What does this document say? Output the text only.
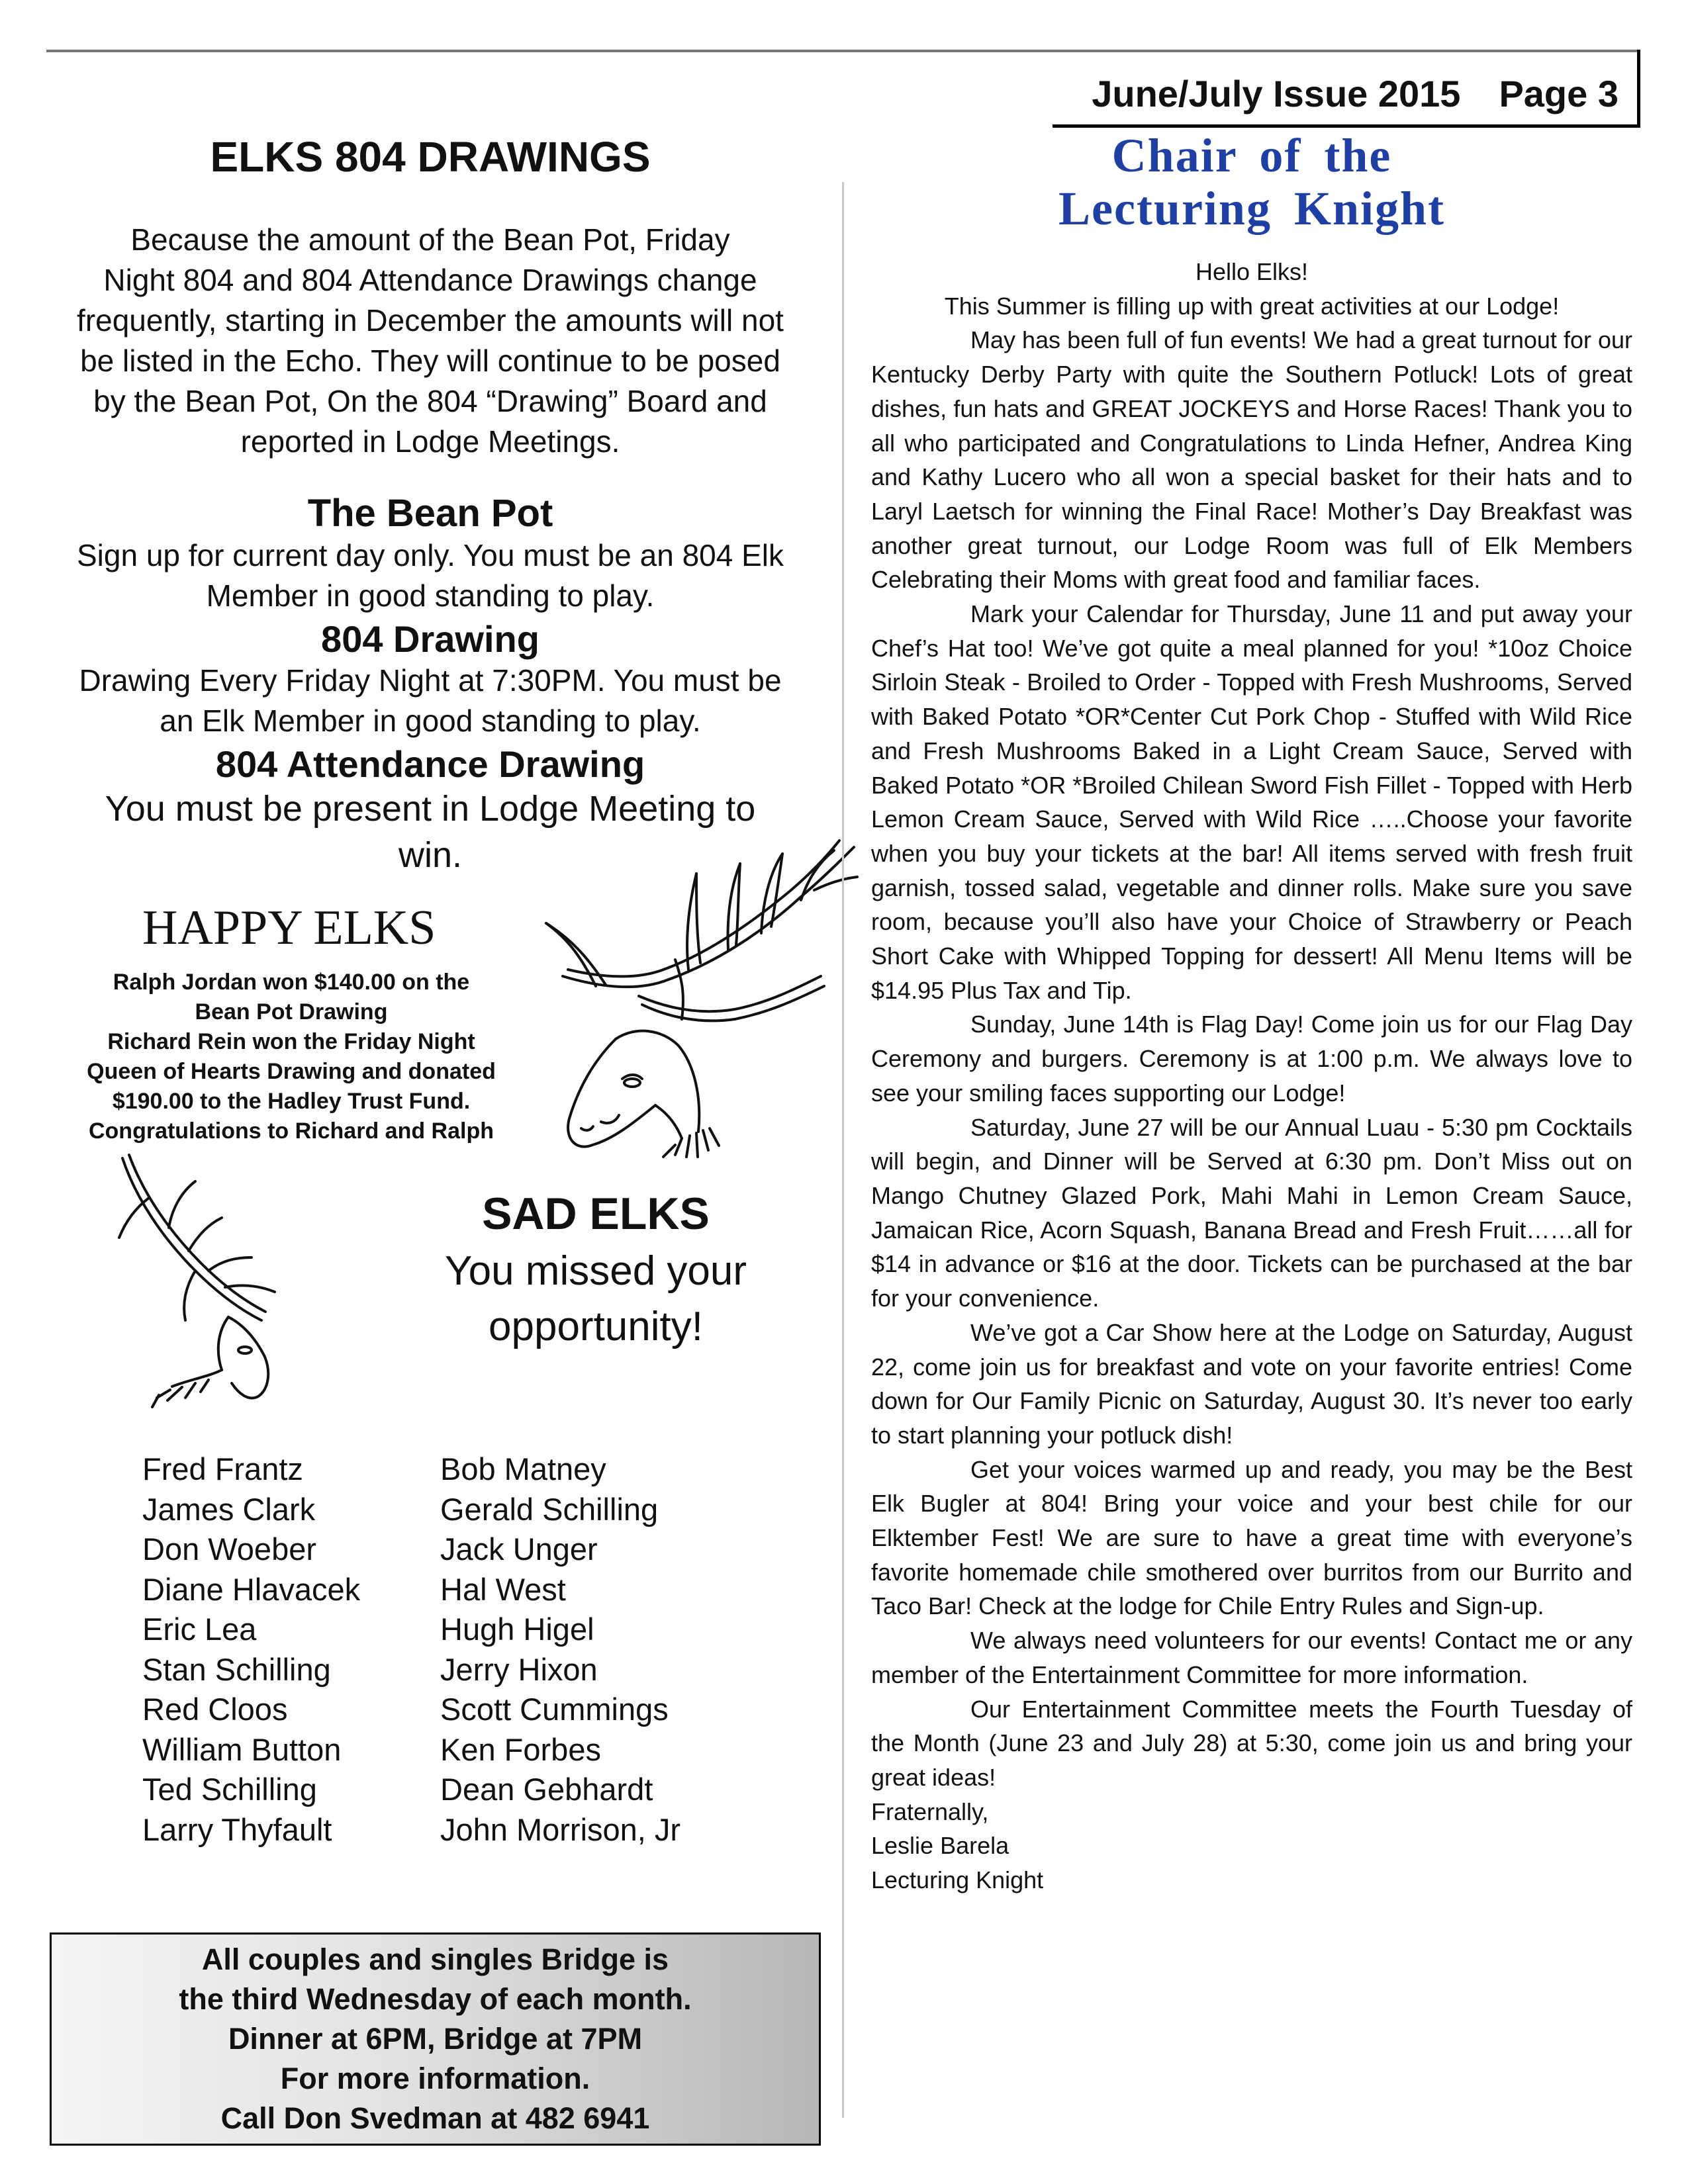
June/July Issue 2015 Page 3
ELKS 804 DRAWINGS
Because the amount of the Bean Pot, Friday
Night 804 and 804 Attendance Drawings change
frequently, starting in December the amounts will not
be listed in the Echo. They will continue to be posed
by the Bean Pot, On the 804 “Drawing” Board and
reported in Lodge Meetings.
The Bean Pot
Sign up for current day only. You must be an 804 Elk
Member in good standing to play.
804 Drawing
Drawing Every Friday Night at 7:30PM. You must be
an Elk Member in good standing to play.
804 Attendance Drawing
You must be present in Lodge Meeting to
win.
HAPPY ELKS
Ralph Jordan won $140.00 on the
Bean Pot Drawing
Richard Rein won the Friday Night
Queen of Hearts Drawing and donated
$190.00 to the Hadley Trust Fund.
Congratulations to Richard and Ralph
SAD ELKS
You missed your
opportunity!
Fred Frantz
James Clark
Don Woeber
Diane Hlavacek
Eric Lea
Stan Schilling
Red Cloos
William Button
Ted Schilling
Larry Thyfault
Bob Matney
Gerald Schilling
Jack Unger
Hal West
Hugh Higel
Jerry Hixon
Scott Cummings
Ken Forbes
Dean Gebhardt
John Morrison, Jr
All couples and singles Bridge is
the third Wednesday of each month.
Dinner at 6PM, Bridge at 7PM
For more information.
Call Don Svedman at 482 6941
Chair of the
Lecturing Knight
Hello Elks!
This Summer is filling up with great activities at our Lodge!

May has been full of fun events! We had a great turnout for our Kentucky Derby Party with quite the Southern Potluck! Lots of great dishes, fun hats and GREAT JOCKEYS and Horse Races! Thank you to all who participated and Congratulations to Linda Hefner, Andrea King and Kathy Lucero who all won a special basket for their hats and to Laryl Laetsch for winning the Final Race! Mother’s Day Breakfast was another great turnout, our Lodge Room was full of Elk Members Celebrating their Moms with great food and familiar faces.

Mark your Calendar for Thursday, June 11 and put away your Chef’s Hat too! We’ve got quite a meal planned for you! *10oz Choice Sirloin Steak - Broiled to Order - Topped with Fresh Mushrooms, Served with Baked Potato *OR*Center Cut Pork Chop - Stuffed with Wild Rice and Fresh Mushrooms Baked in a Light Cream Sauce, Served with Baked Potato *OR *Broiled Chilean Sword Fish Fillet - Topped with Herb Lemon Cream Sauce, Served with Wild Rice …..Choose your favorite when you buy your tickets at the bar! All items served with fresh fruit garnish, tossed salad, vegetable and dinner rolls. Make sure you save room, because you’ll also have your Choice of Strawberry or Peach Short Cake with Whipped Topping for dessert! All Menu Items will be $14.95 Plus Tax and Tip.

Sunday, June 14th is Flag Day! Come join us for our Flag Day Ceremony and burgers. Ceremony is at 1:00 p.m. We always love to see your smiling faces supporting our Lodge!

Saturday, June 27 will be our Annual Luau - 5:30 pm Cocktails will begin, and Dinner will be Served at 6:30 pm. Don’t Miss out on Mango Chutney Glazed Pork, Mahi Mahi in Lemon Cream Sauce, Jamaican Rice, Acorn Squash, Banana Bread and Fresh Fruit……all for $14 in advance or $16 at the door. Tickets can be purchased at the bar for your convenience.

We’ve got a Car Show here at the Lodge on Saturday, August 22, come join us for breakfast and vote on your favorite entries! Come down for Our Family Picnic on Saturday, August 30. It’s never too early to start planning your potluck dish!

Get your voices warmed up and ready, you may be the Best Elk Bugler at 804! Bring your voice and your best chile for our Elktember Fest! We are sure to have a great time with everyone’s favorite homemade chile smothered over burritos from our Burrito and Taco Bar! Check at the lodge for Chile Entry Rules and Sign-up.

We always need volunteers for our events! Contact me or any member of the Entertainment Committee for more information.

Our Entertainment Committee meets the Fourth Tuesday of the Month (June 23 and July 28) at 5:30, come join us and bring your great ideas!

Fraternally,
Leslie Barela
Lecturing Knight
